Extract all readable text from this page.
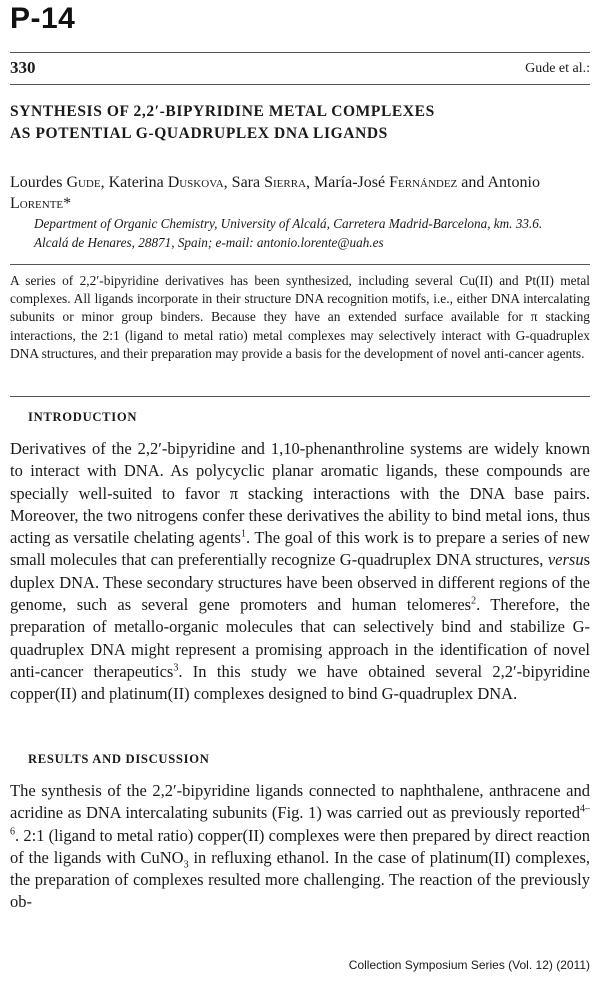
P-14
330	Gude et al.:
SYNTHESIS OF 2,2′-BIPYRIDINE METAL COMPLEXES
AS POTENTIAL G-QUADRUPLEX DNA LIGANDS
Lourdes Gude, Katerina Duskova, Sara Sierra, María-José Fernández and Antonio Lorente*
Department of Organic Chemistry, University of Alcalá, Carretera Madrid-Barcelona, km. 33.6.
Alcalá de Henares, 28871, Spain; e-mail: antonio.lorente@uah.es
A series of 2,2′-bipyridine derivatives has been synthesized, including several Cu(II) and Pt(II) metal complexes. All ligands incorporate in their structure DNA recognition motifs, i.e., either DNA intercalating subunits or minor group binders. Because they have an extended surface available for π stacking interactions, the 2:1 (ligand to metal ratio) metal complexes may selectively interact with G-quadruplex DNA structures, and their preparation may provide a basis for the development of novel anti-cancer agents.
INTRODUCTION
Derivatives of the 2,2′-bipyridine and 1,10-phenanthroline systems are widely known to interact with DNA. As polycyclic planar aromatic ligands, these compounds are specially well-suited to favor π stacking interactions with the DNA base pairs. Moreover, the two nitrogens confer these derivatives the ability to bind metal ions, thus acting as versatile chelating agents$^1$. The goal of this work is to prepare a series of new small molecules that can preferentially recognize G-quadruplex DNA structures, versus duplex DNA. These secondary structures have been observed in different regions of the genome, such as several gene promoters and human telomeres$^2$. Therefore, the preparation of metallo-organic molecules that can selectively bind and stabilize G-quadruplex DNA might represent a promising approach in the identification of novel anti-cancer therapeutics$^3$. In this study we have obtained several 2,2′-bipyridine copper(II) and platinum(II) complexes designed to bind G-quadruplex DNA.
RESULTS AND DISCUSSION
The synthesis of the 2,2′-bipyridine ligands connected to naphthalene, anthracene and acridine as DNA intercalating subunits (Fig. 1) was carried out as previously reported$^{4-6}$. 2:1 (ligand to metal ratio) copper(II) complexes were then prepared by direct reaction of the ligands with CuNO$_3$ in refluxing ethanol. In the case of platinum(II) complexes, the preparation of complexes resulted more challenging. The reaction of the previously ob-
Collection Symposium Series (Vol. 12) (2011)
